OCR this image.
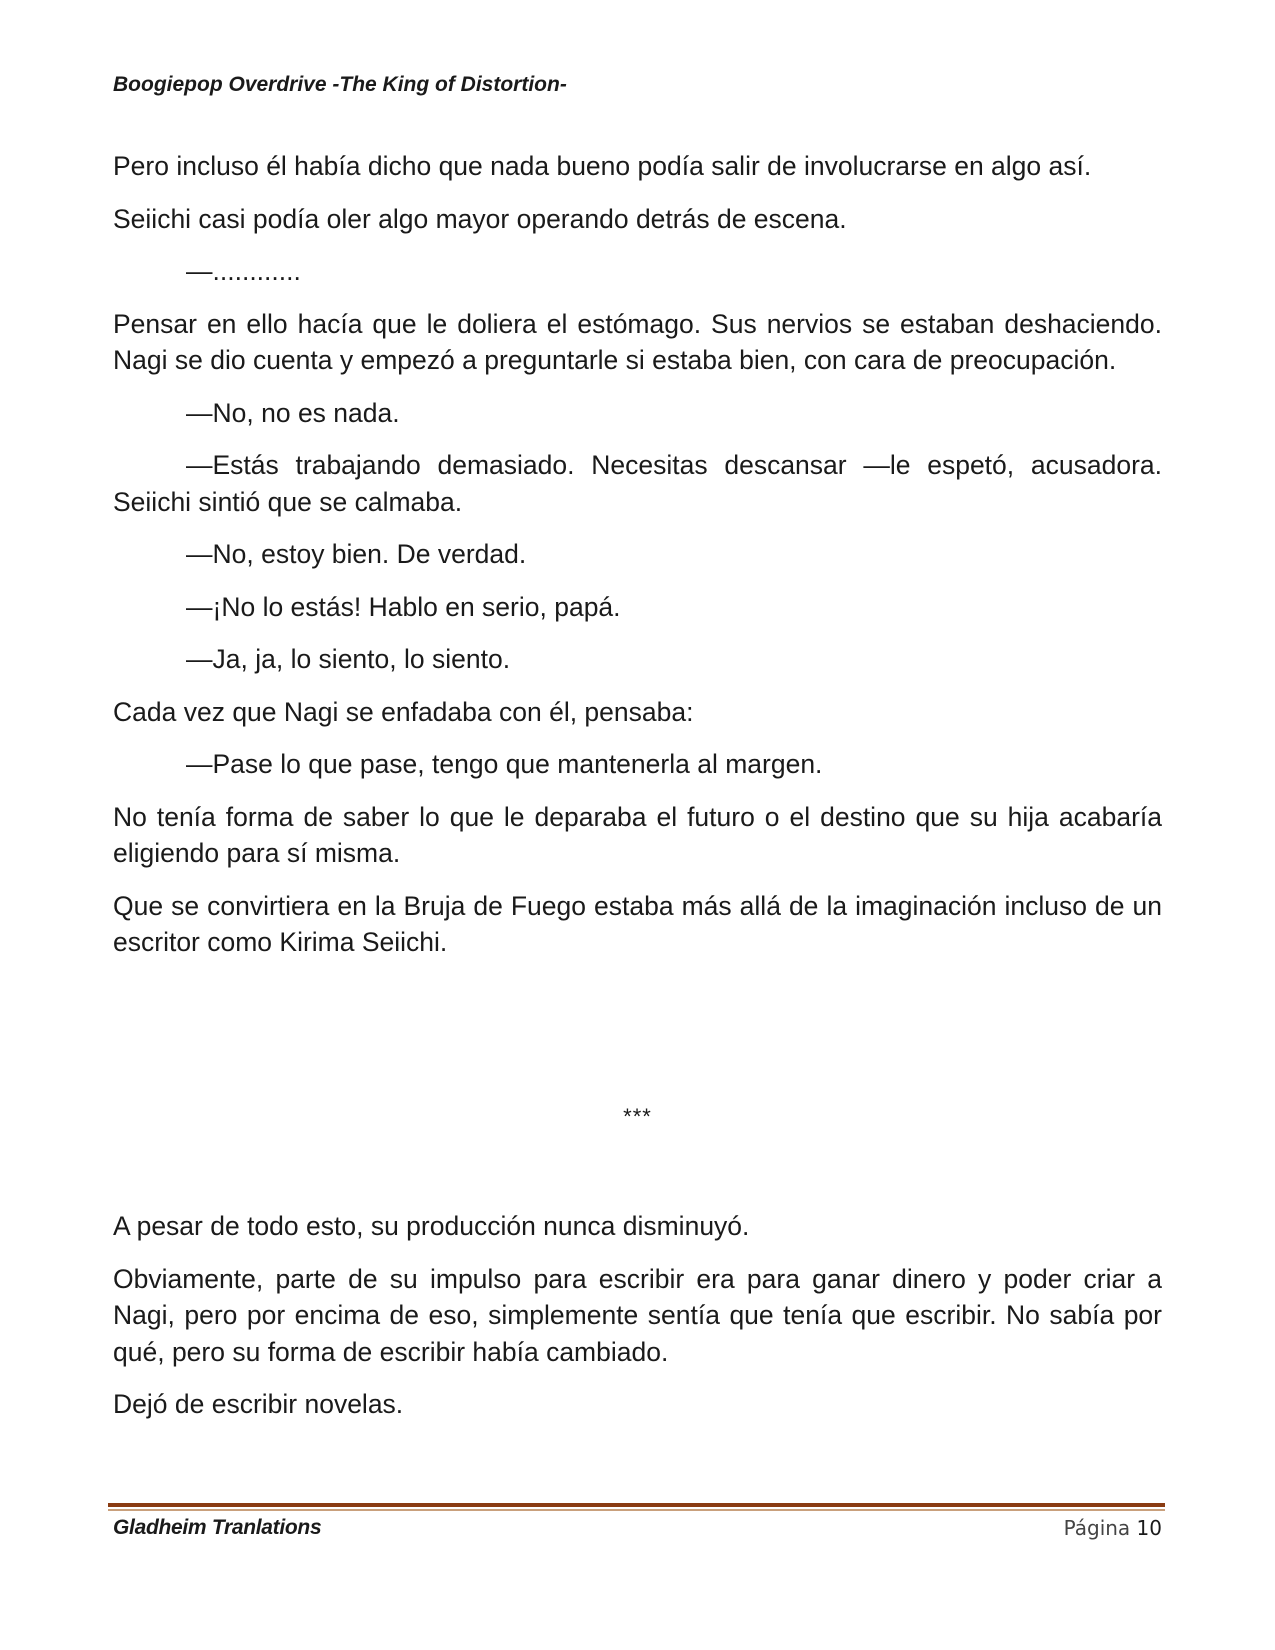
Boogiepop Overdrive -The King of Distortion-

Pero incluso él había dicho que nada bueno podía salir de involucrarse en algo así.

Seiichi casi podía oler algo mayor operando detrás de escena.

—............

Pensar en ello hacía que le doliera el estómago. Sus nervios se estaban deshaciendo. Nagi se dio cuenta y empezó a preguntarle si estaba bien, con cara de preocupación.

—No, no es nada.

—Estás trabajando demasiado. Necesitas descansar —le espetó, acusadora. Seiichi sintió que se calmaba.

—No, estoy bien. De verdad.

—¡No lo estás! Hablo en serio, papá.

—Ja, ja, lo siento, lo siento.

Cada vez que Nagi se enfadaba con él, pensaba:

—Pase lo que pase, tengo que mantenerla al margen.

No tenía forma de saber lo que le deparaba el futuro o el destino que su hija acabaría eligiendo para sí misma.

Que se convirtiera en la Bruja de Fuego estaba más allá de la imaginación incluso de un escritor como Kirima Seiichi.

***

A pesar de todo esto, su producción nunca disminuyó.

Obviamente, parte de su impulso para escribir era para ganar dinero y poder criar a Nagi, pero por encima de eso, simplemente sentía que tenía que escribir. No sabía por qué, pero su forma de escribir había cambiado.

Dejó de escribir novelas.

Gladheim Tranlations	Página 10
